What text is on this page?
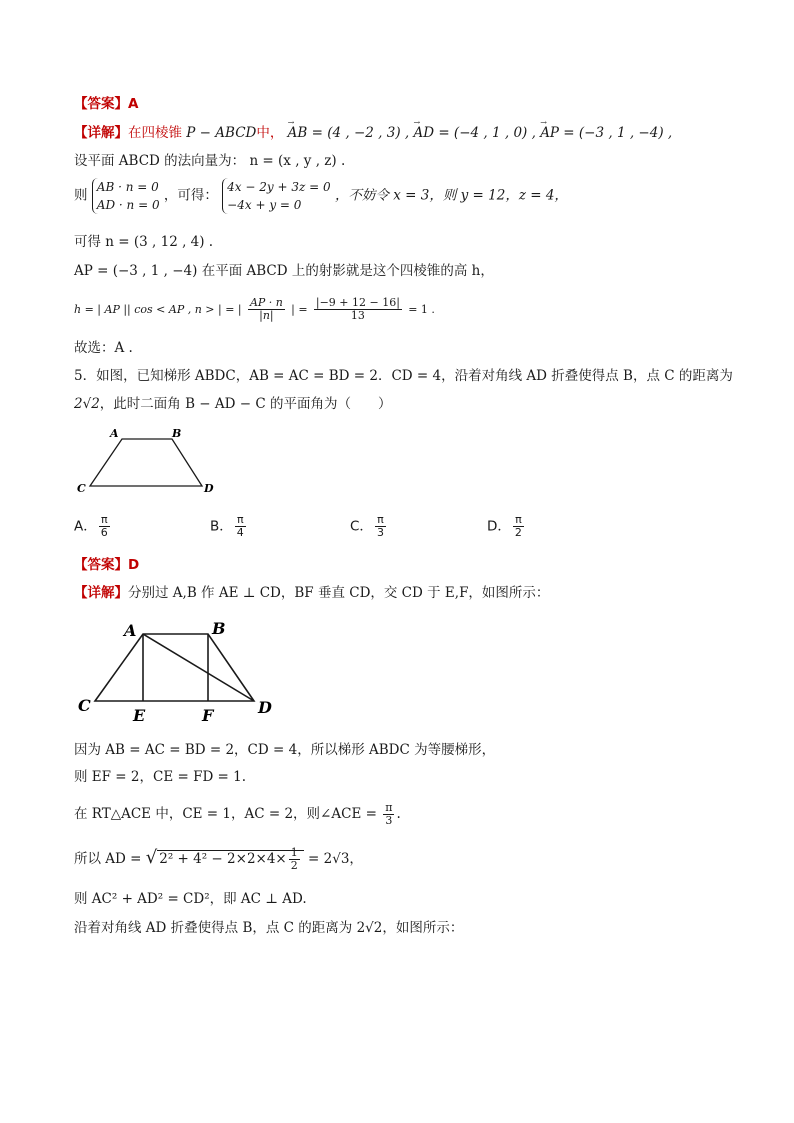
【答案】A
【详解】在四棱锥 P − ABCD中， → AB = (4 , −2 , 3) , → AD = (−4 , 1 , 0) , → AP = (−3 , 1 , −4) ,
设平面 ABCD 的法向量为： n = (x , y , z) .
则 AB · n = 0
AD · n = 0 ，可得： 4x − 2y + 3z = 0
−4x + y = 0 ，不妨令 x = 3，则 y = 12，z = 4，
可得 n = (3 , 12 , 4) .
AP = (−3 , 1 , −4) 在平面 ABCD 上的射影就是这个四棱锥的高 h，
h = | AP || cos < AP , n > | = | $\frac{AP \cdot n}{|n|}$ | = $\frac{|-9 + 12 - 16|}{13} = 1$ .
故选：A .
5．如图，已知梯形 ABDC，AB = AC = BD = 2．CD = 4，沿着对角线 AD 折叠使得点 B，点 C 的距离为
2√2，此时二面角 B − AD − C 的平面角为（　　）
A	B
C	D
A． $\frac{\pi}{6}$	B． $\frac{\pi}{4}$	C． $\frac{\pi}{3}$	D． $\frac{\pi}{2}$
【答案】D
【详解】分别过 A,B 作 AE ⊥ CD，BF 垂直 CD，交 CD 于 E,F，如图所示：
A	B
C	D
E	F
因为 AB = AC = BD = 2，CD = 4，所以梯形 ABDC 为等腰梯形，
则 EF = 2，CE = FD = 1.
在 RT△ACE 中，CE = 1，AC = 2，则∠ACE = $\frac{\pi}{3}$ .
所以 AD = √ $2^2 + 4^2 - 2\times 2\times 4\times \frac{1}{2} = 2√3$，
则 AC² + AD² = CD²，即 AC ⊥ AD.
沿着对角线 AD 折叠使得点 B，点 C 的距离为 2√2，如图所示：
